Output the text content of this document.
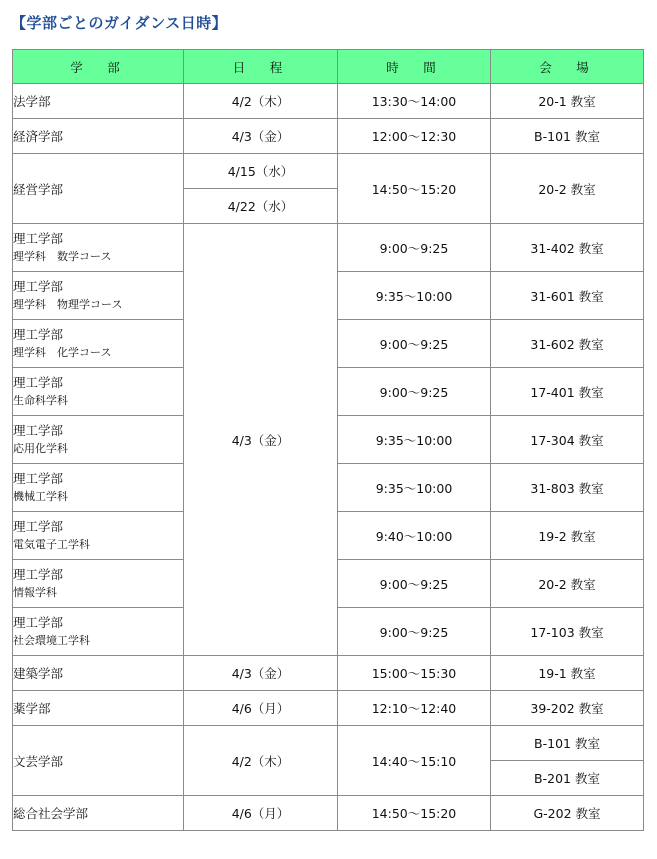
【学部ごとのガイダンス日時】
学　部	日　程	時　間	会　場
法学部	4/2（木）	13:30〜14:00	20-1 教室
経済学部	4/3（金）	12:00〜12:30	B-101 教室
経営学部	4/15（水）	14:50〜15:20	20-2 教室
	4/22（水）		

理工学部
理学科　数学コース	4/3（金）	9:00〜9:25	31-402 教室

理工学部
理学科　物理学コース		9:35〜10:00	31-601 教室

理工学部
理学科　化学コース		9:00〜9:25	31-602 教室

理工学部
生命科学科		9:00〜9:25	17-401 教室

理工学部
応用化学科		9:35〜10:00	17-304 教室

理工学部
機械工学科		9:35〜10:00	31-803 教室

理工学部
電気電子工学科		9:40〜10:00	19-2 教室

理工学部
情報学科		9:00〜9:25	20-2 教室

理工学部
社会環境工学科		9:00〜9:25	17-103 教室
建築学部	4/3（金）	15:00〜15:30	19-1 教室
薬学部	4/6（月）	12:10〜12:40	39-202 教室
文芸学部	4/2（木）	14:40〜15:10	B-101 教室
			B-201 教室
総合社会学部	4/6（月）	14:50〜15:20	G-202 教室
